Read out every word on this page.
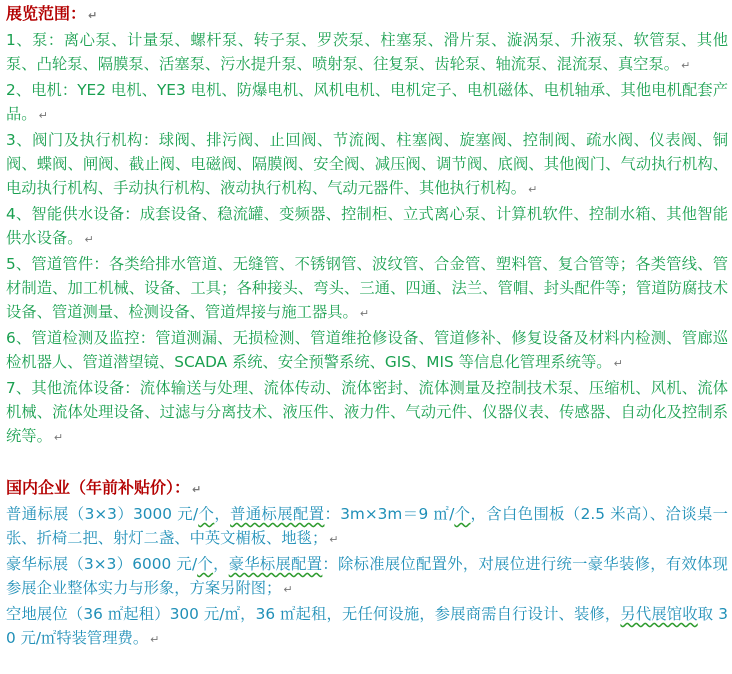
展览范围： ↵

1、泵：离心泵、计量泵、螺杆泵、转子泵、罗茨泵、柱塞泵、滑片泵、漩涡泵、升液泵、软管泵、其他泵、凸轮泵、隔膜泵、活塞泵、污水提升泵、喷射泵、往复泵、齿轮泵、轴流泵、混流泵、真空泵。 ↵

2、电机：YE2 电机、YE3 电机、防爆电机、风机电机、电机定子、电机磁体、电机轴承、其他电机配套产品。 ↵

3、阀门及执行机构：球阀、排污阀、止回阀、节流阀、柱塞阀、旋塞阀、控制阀、疏水阀、仪表阀、铜阀、蝶阀、闸阀、截止阀、电磁阀、隔膜阀、安全阀、减压阀、调节阀、底阀、其他阀门、气动执行机构、电动执行机构、手动执行机构、液动执行机构、气动元器件、其他执行机构。 ↵

4、智能供水设备：成套设备、稳流罐、变频器、控制柜、立式离心泵、计算机软件、控制水箱、其他智能供水设备。 ↵

5、管道管件：各类给排水管道、无缝管、不锈钢管、波纹管、合金管、塑料管、复合管等；各类管线、管材制造、加工机械、设备、工具；各种接头、弯头、三通、四通、法兰、管帽、封头配件等；管道防腐技术设备、管道测量、检测设备、管道焊接与施工器具。 ↵

6、管道检测及监控：管道测漏、无损检测、管道维抢修设备、管道修补、修复设备及材料内检测、管廊巡检机器人、管道潜望镜、SCADA 系统、安全预警系统、GIS、MIS 等信息化管理系统等。 ↵

7、其他流体设备：流体输送与处理、流体传动、流体密封、流体测量及控制技术泵、压缩机、风机、流体机械、流体处理设备、过滤与分离技术、液压件、液力件、气动元件、仪器仪表、传感器、自动化及控制系统等。 ↵

国内企业（年前补贴价）： ↵

普通标展（3×3）3000 元/个，普通标展配置：3m×3m＝9 ㎡/个，含白色围板（2.5 米高）、洽谈桌一张、折椅二把、射灯二盏、中英文楣板、地毯； ↵

豪华标展（3×3）6000 元/个，豪华标展配置：除标准展位配置外，对展位进行统一豪华装修，有效体现参展企业整体实力与形象，方案另附图； ↵

空地展位（36 ㎡起租）300 元/㎡，36 ㎡起租，无任何设施，参展商需自行设计、装修，另代展馆收取 30 元/㎡特装管理费。 ↵
